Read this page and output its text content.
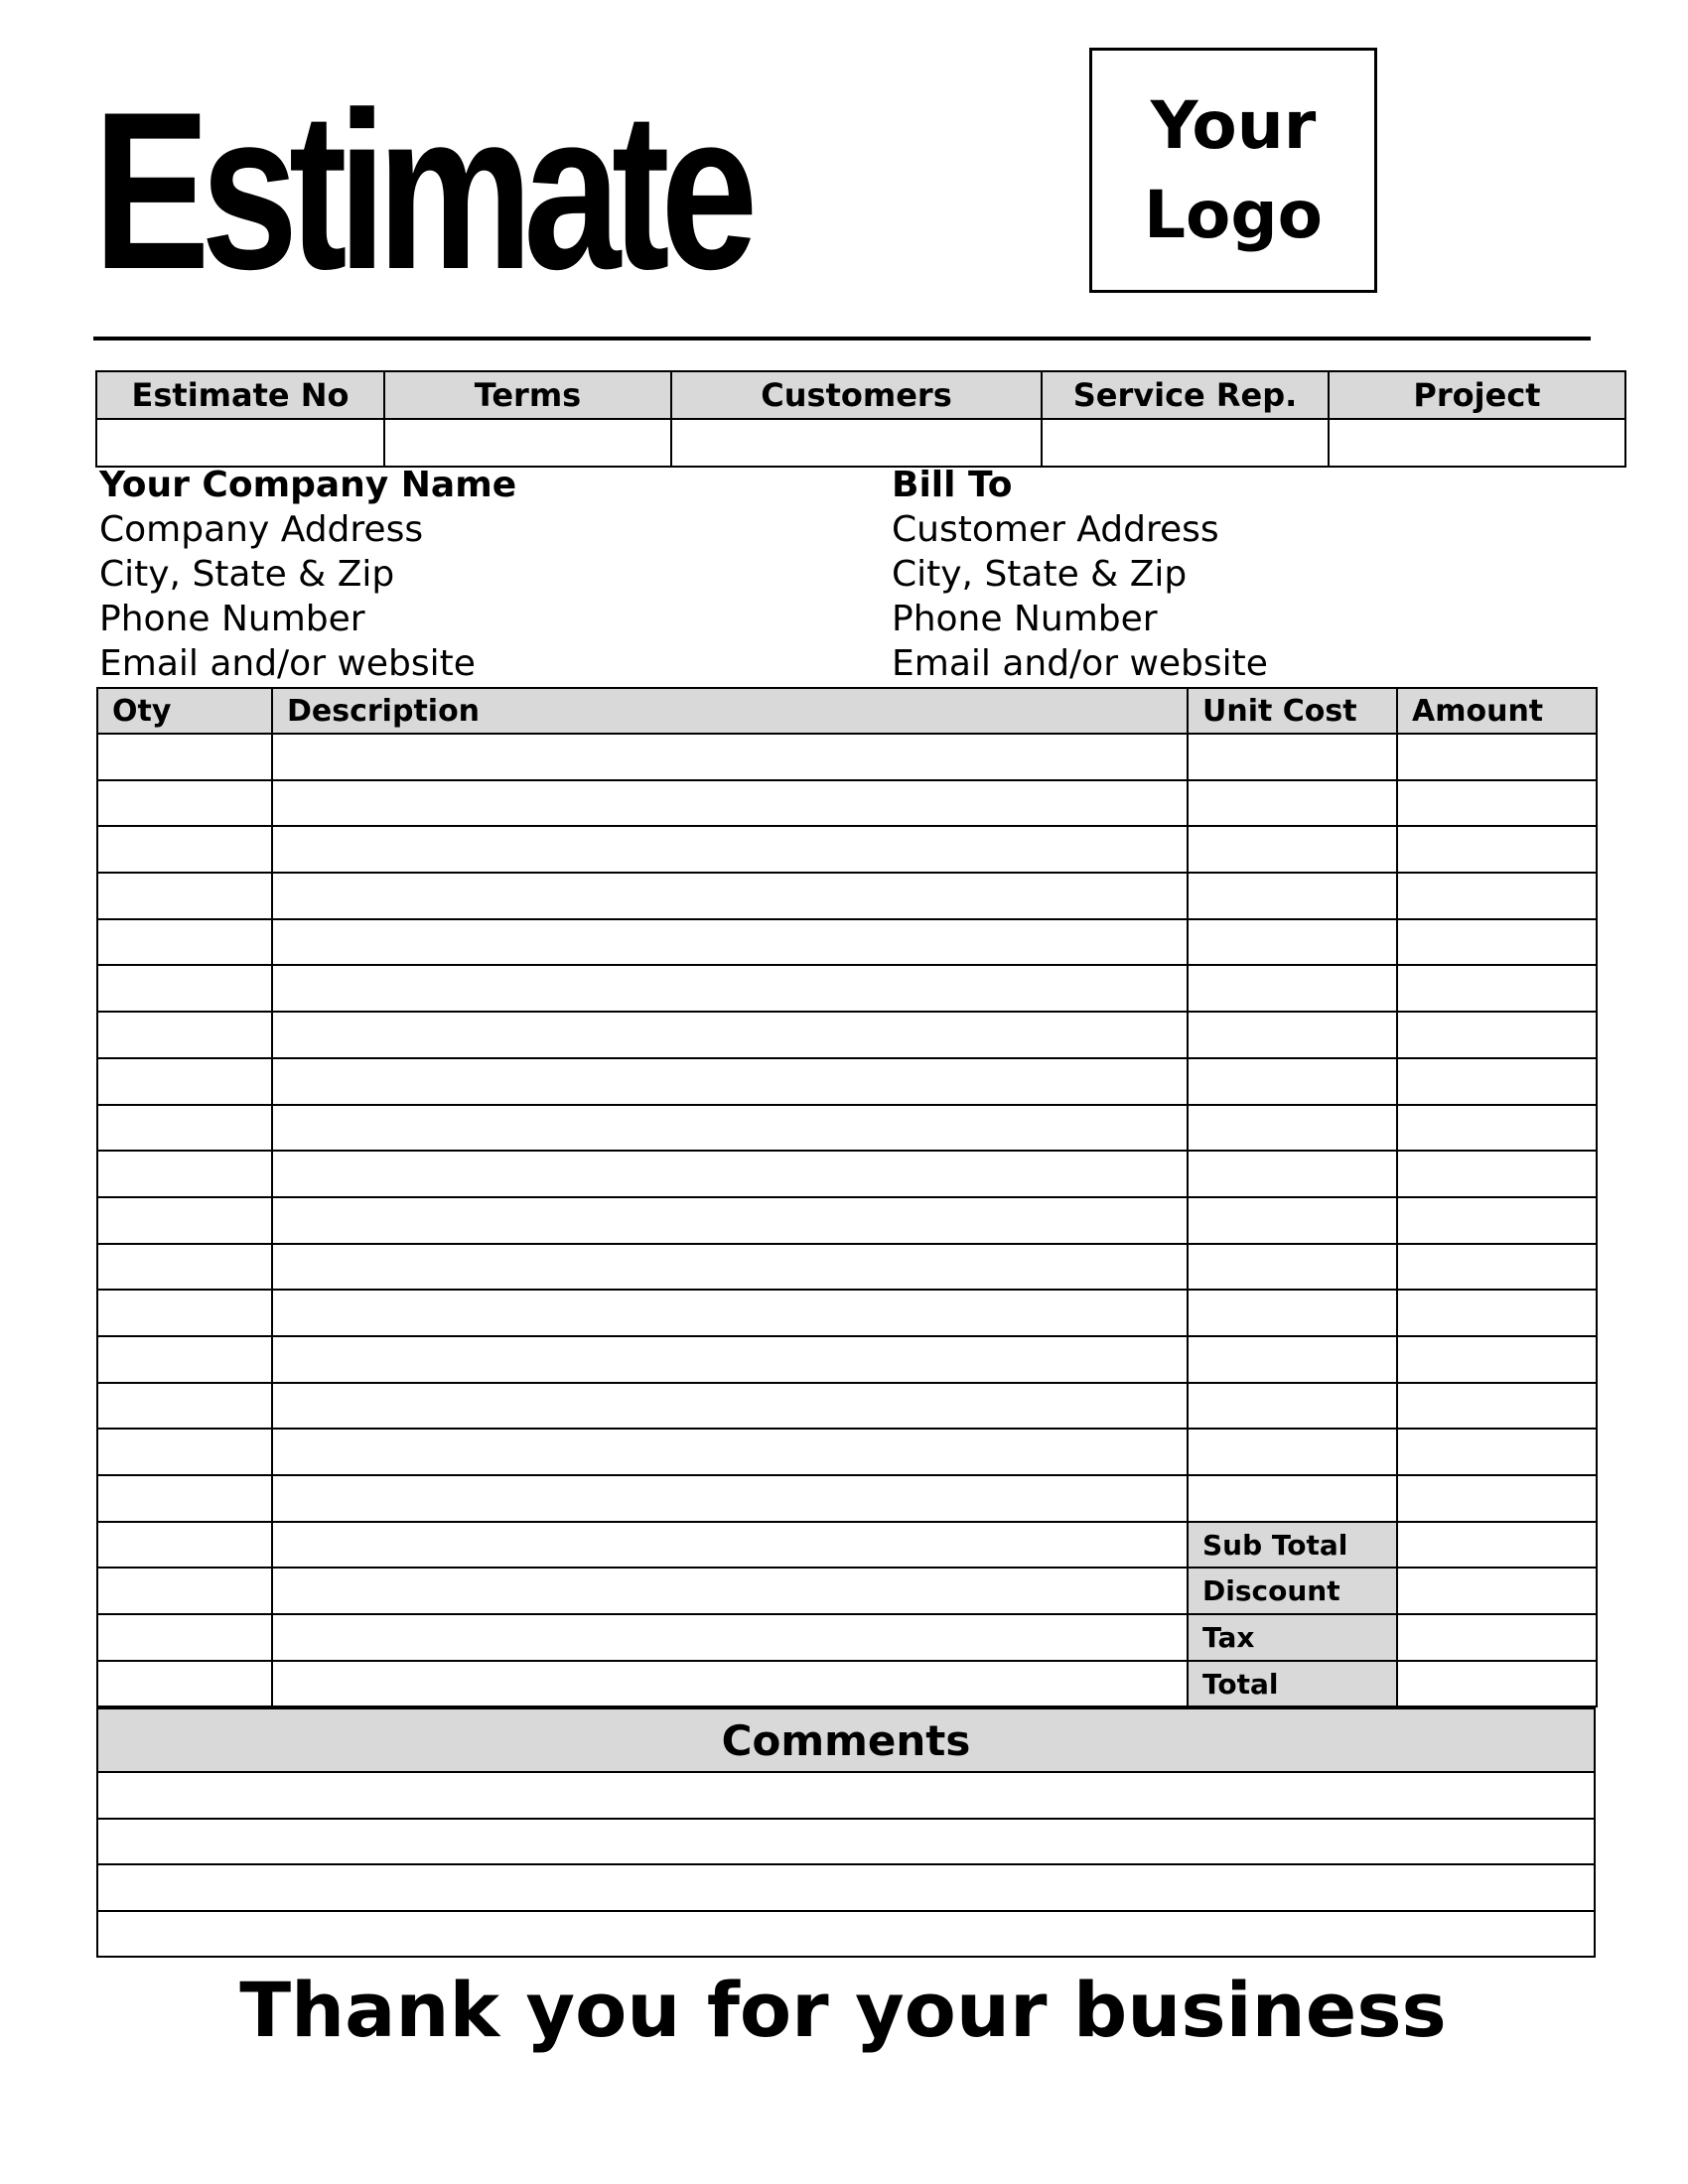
Estimate	Your
Logo
Estimate No	Terms	Customers	Service Rep.	Project

Your Company Name
Company Address
City, State & Zip
Phone Number
Email and/or website
Bill To
Customer Address
City, State & Zip
Phone Number
Email and/or website
Oty	Description	Unit Cost	Amount

		Sub Total	
		Discount	
		Tax	
		Total	
Comments

Thank you for your business
